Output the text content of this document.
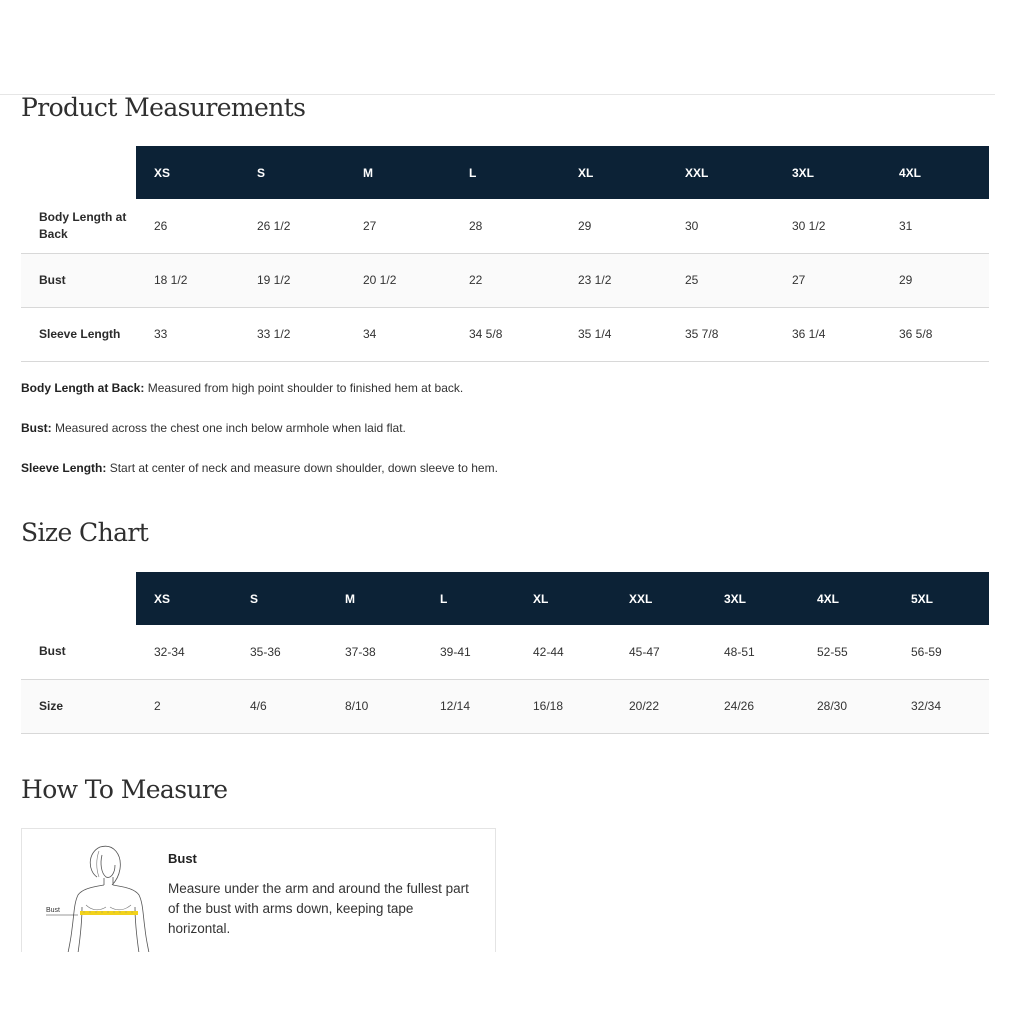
Product Measurements
	XS	S	M	L	XL	XXL	3XL	4XL
Body Length at Back	26	26 1/2	27	28	29	30	30 1/2	31
Bust	18 1/2	19 1/2	20 1/2	22	23 1/2	25	27	29
Sleeve Length	33	33 1/2	34	34 5/8	35 1/4	35 7/8	36 1/4	36 5/8

Body Length at Back: Measured from high point shoulder to finished hem at back.

Bust: Measured across the chest one inch below armhole when laid flat.

Sleeve Length: Start at center of neck and measure down shoulder, down sleeve to hem.

Size Chart
	XS	S	M	L	XL	XXL	3XL	4XL	5XL
Bust	32-34	35-36	37-38	39-41	42-44	45-47	48-51	52-55	56-59
Size	2	4/6	8/10	12/14	16/18	20/22	24/26	28/30	32/34
How To Measure
Bust
Bust

Measure under the arm and around the fullest part of the bust with arms down, keeping tape horizontal.
